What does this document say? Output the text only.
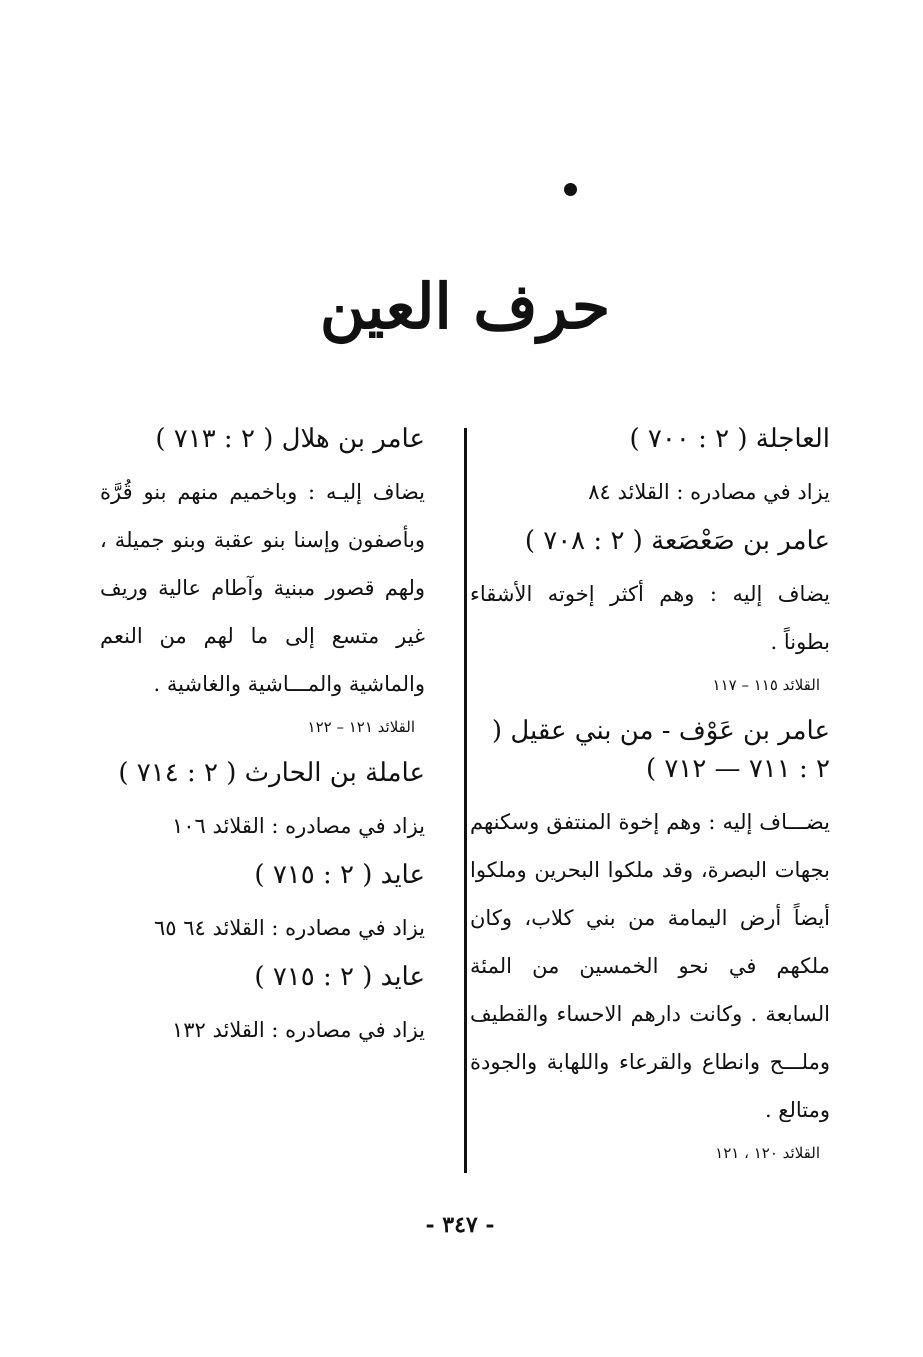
حرف العين

العاجلة ( ٢ : ٧٠٠ )

يزاد في مصادره : القلائد ٨٤

عامر بن صَعْصَعة ( ٢ : ٧٠٨ )

يضاف إليه : وهم أكثر إخوته الأشقاء بطوناً .

القلائد ١١٥ – ١١٧

عامر بن عَوْف - من بني عقيل ( ٢ : ٧١١ — ٧١٢ )

يضـــاف إليه : وهم إخوة المنتفق وسكنهم بجهات البصرة، وقد ملكوا البحرين وملكوا أيضاً أرض اليمامة من بني كلاب، وكان ملكهم في نحو الخمسين من المئة السابعة . وكانت دارهم الاحساء والقطيف وملـــح وانطاع والقرعاء واللهابة والجودة ومتالع .

القلائد ١٢٠ ، ١٢١

عامر بن هلال ( ٢ : ٧١٣ )

يضاف إليـه : وباخميم منهم بنو قُرَّة وبأصفون وإسنا بنو عقبة وبنو جميلة ، ولهم قصور مبنية وآطام عالية وريف غير متسع إلى ما لهم من النعم والماشية والمـــاشية والغاشية .

القلائد ١٢١ – ١٢٢

عاملة بن الحارث ( ٢ : ٧١٤ )

يزاد في مصادره : القلائد ١٠٦

عايد ( ٢ : ٧١٥ )

يزاد في مصادره : القلائد ٦٤ ٦٥

عايد ( ٢ : ٧١٥ )

يزاد في مصادره : القلائد ١٣٢

- ٣٤٧ -
